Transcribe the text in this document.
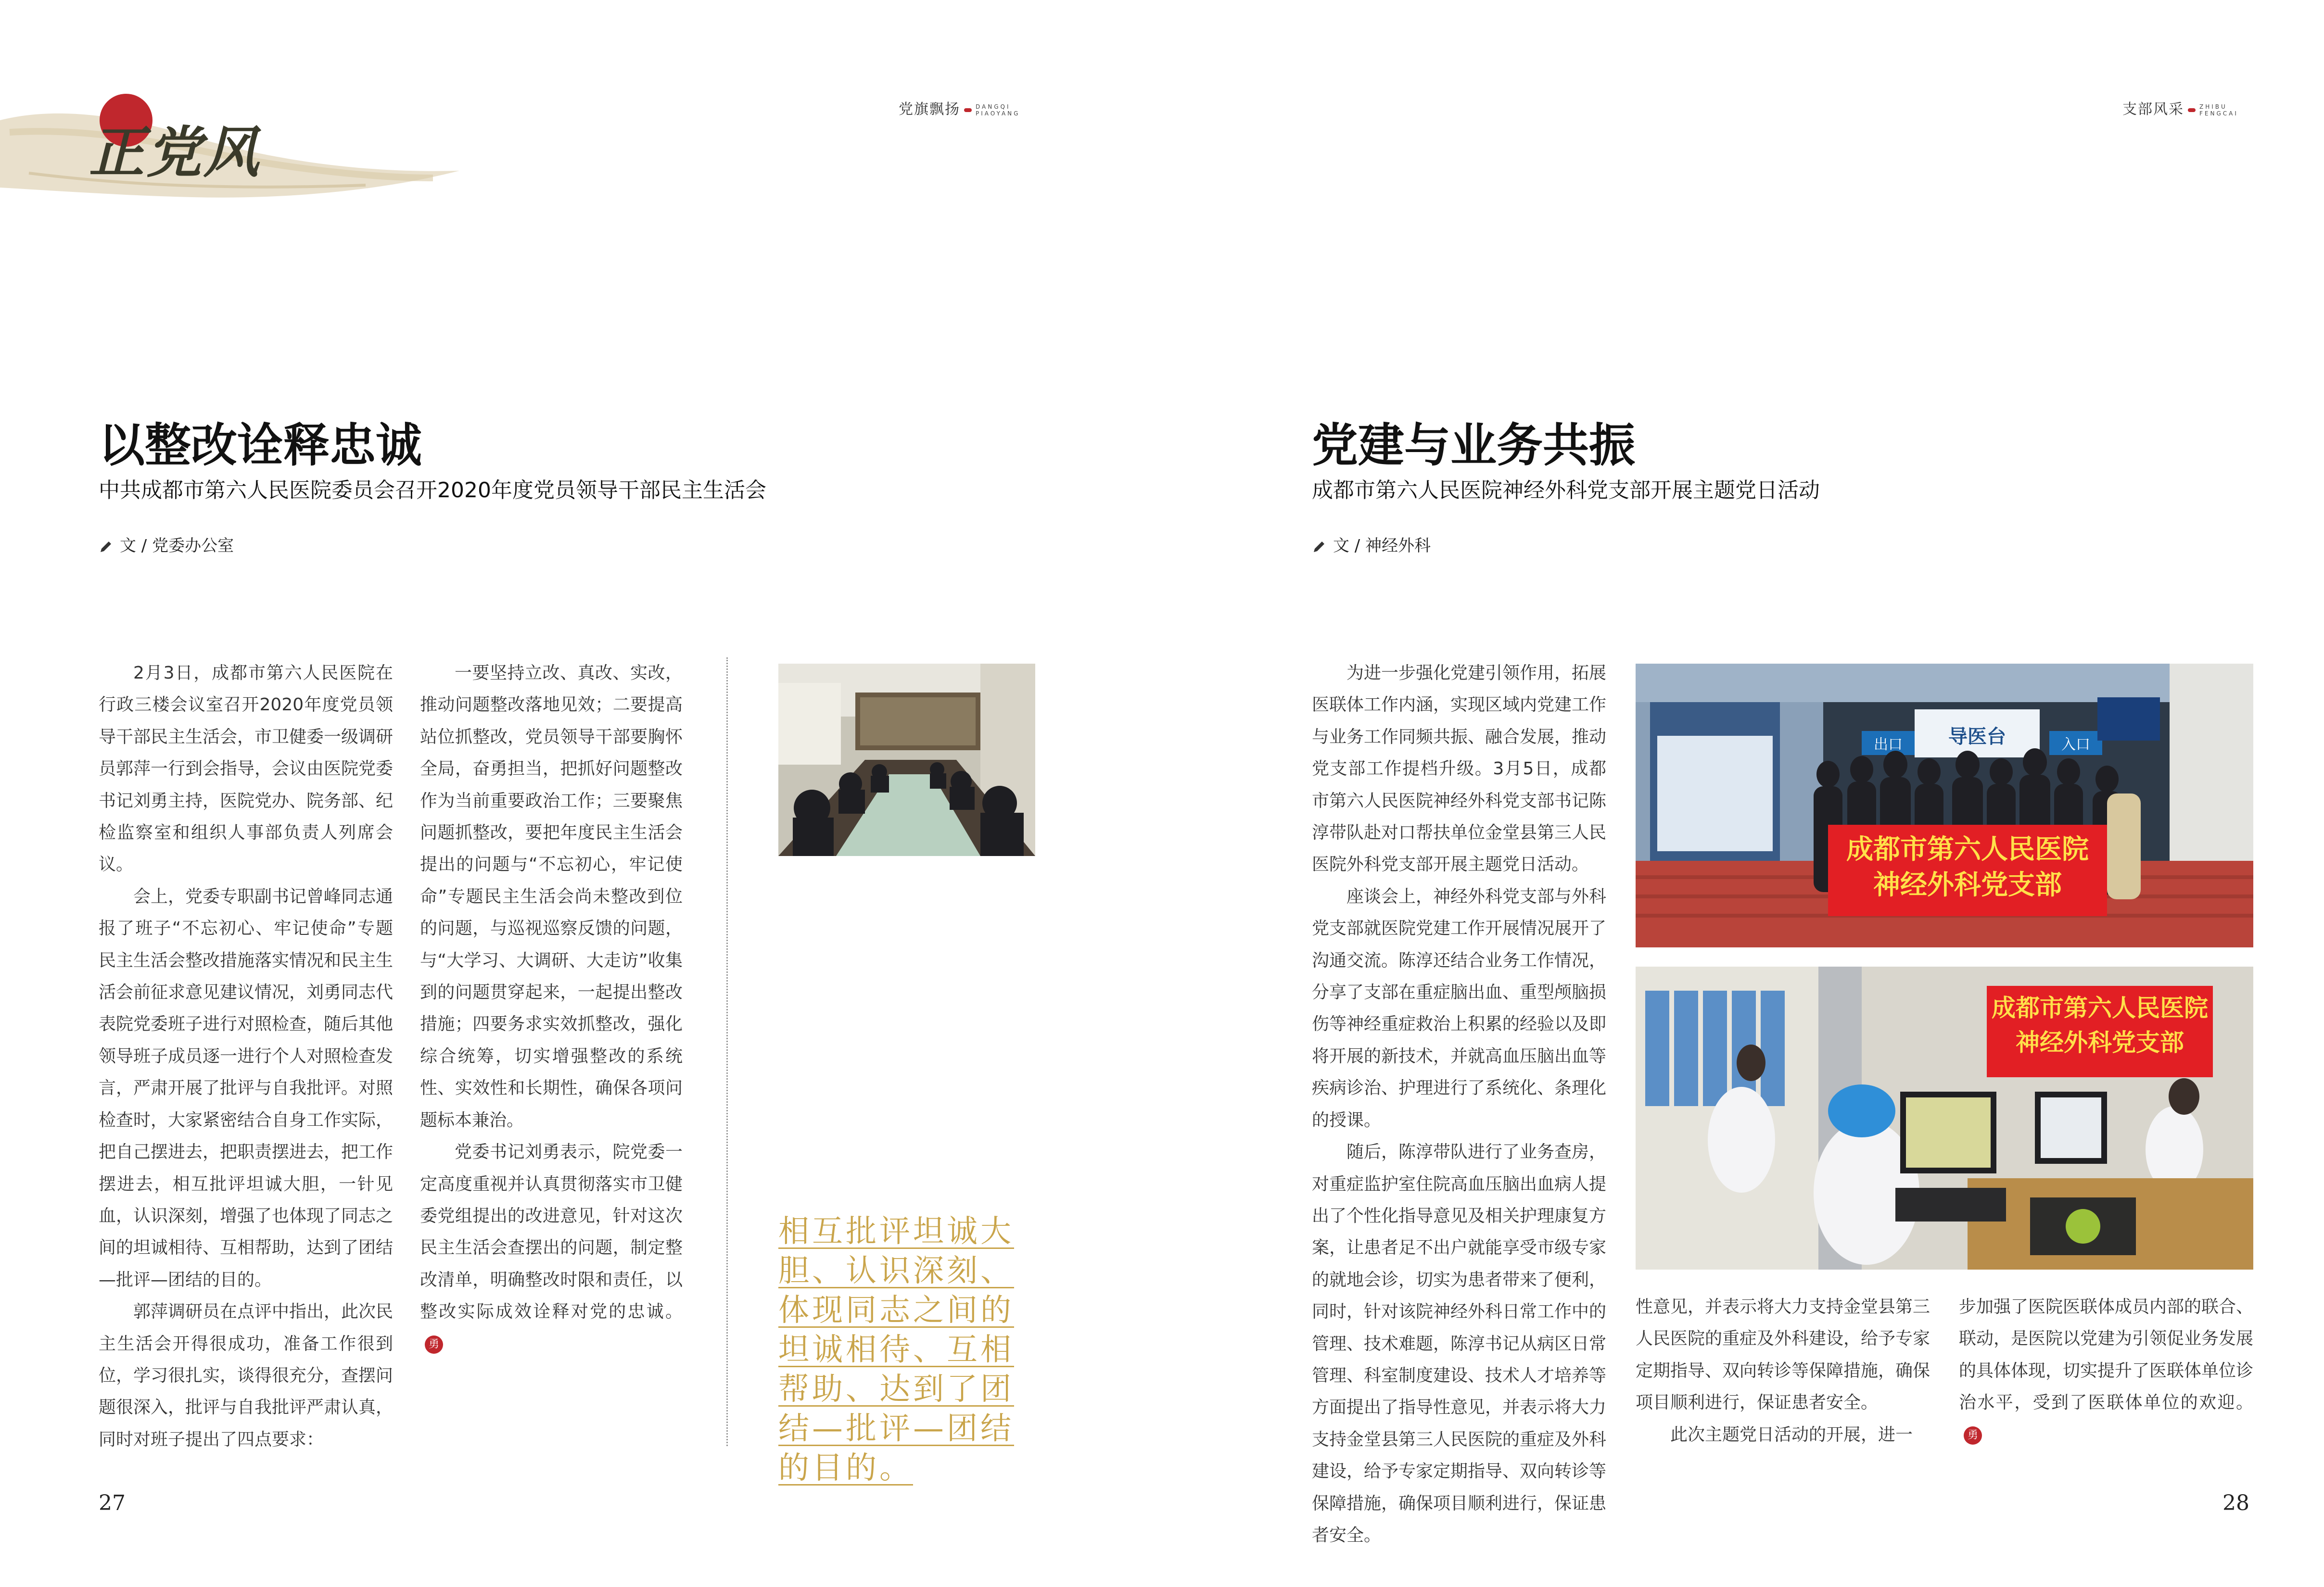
正党风
党旗飘扬	DANGQI
PIAOYANG
以整改诠释忠诚
中共成都市第六人民医院委员会召开2020年度党员领导干部民主生活会
文 / 党委办公室

2月3日，成都市第六人民医院在行政三楼会议室召开2020年度党员领导干部民主生活会，市卫健委一级调研员郭萍一行到会指导，会议由医院党委书记刘勇主持，医院党办、院务部、纪检监察室和组织人事部负责人列席会议。

会上，党委专职副书记曾峰同志通报了班子“不忘初心、牢记使命”专题民主生活会整改措施落实情况和民主生活会前征求意见建议情况，刘勇同志代表院党委班子进行对照检查，随后其他领导班子成员逐一进行个人对照检查发言，严肃开展了批评与自我批评。对照检查时，大家紧密结合自身工作实际，把自己摆进去，把职责摆进去，把工作摆进去，相互批评坦诚大胆，一针见血，认识深刻，增强了也体现了同志之间的坦诚相待、互相帮助，达到了团结—批评—团结的目的。

郭萍调研员在点评中指出，此次民主生活会开得很成功，准备工作很到位，学习很扎实，谈得很充分，查摆问题很深入，批评与自我批评严肃认真，同时对班子提出了四点要求：

一要坚持立改、真改、实改，推动问题整改落地见效；二要提高站位抓整改，党员领导干部要胸怀全局，奋勇担当，把抓好问题整改作为当前重要政治工作；三要聚焦问题抓整改，要把年度民主生活会提出的问题与“不忘初心，牢记使命”专题民主生活会尚未整改到位的问题，与巡视巡察反馈的问题，与“大学习、大调研、大走访”收集到的问题贯穿起来，一起提出整改措施；四要务求实效抓整改，强化综合统筹，切实增强整改的系统性、实效性和长期性，确保各项问题标本兼治。

党委书记刘勇表示，院党委一定高度重视并认真贯彻落实市卫健委党组提出的改进意见，针对这次民主生活会查摆出的问题，制定整改清单，明确整改时限和责任，以整改实际成效诠释对党的忠诚。勇

相互批评坦诚大胆、认识深刻、体现同志之间的坦诚相待、互相帮助、达到了团结—批评—团结的目的。
27
支部风采	ZHIBU
FENGCAI
党建与业务共振
成都市第六人民医院神经外科党支部开展主题党日活动
文 / 神经外科

为进一步强化党建引领作用，拓展医联体工作内涵，实现区域内党建工作与业务工作同频共振、融合发展，推动党支部工作提档升级。3月5日，成都市第六人民医院神经外科党支部书记陈淳带队赴对口帮扶单位金堂县第三人民医院外科党支部开展主题党日活动。

座谈会上，神经外科党支部与外科党支部就医院党建工作开展情况展开了沟通交流。陈淳还结合业务工作情况，分享了支部在重症脑出血、重型颅脑损伤等神经重症救治上积累的经验以及即将开展的新技术，并就高血压脑出血等疾病诊治、护理进行了系统化、条理化的授课。

随后，陈淳带队进行了业务查房，对重症监护室住院高血压脑出血病人提出了个性化指导意见及相关护理康复方案，让患者足不出户就能享受市级专家的就地会诊，切实为患者带来了便利，同时，针对该院神经外科日常工作中的管理、技术难题，陈淳书记从病区日常管理、科室制度建设、技术人才培养等方面提出了指导性意见，并表示将大力支持金堂县第三人民医院的重症及外科建设，给予专家定期指导、双向转诊等保障措施，确保项目顺利进行，保证患者安全。

性意见，并表示将大力支持金堂县第三人民医院的重症及外科建设，给予专家定期指导、双向转诊等保障措施，确保项目顺利进行，保证患者安全。

此次主题党日活动的开展，进一

步加强了医院医联体成员内部的联合、联动，是医院以党建为引领促业务发展的具体体现，切实提升了医联体单位诊治水平，受到了医联体单位的欢迎。勇

出口	导医台	入口
成都市第六人民医院
神经外科党支部
成都市第六人民医院
神经外科党支部
28
